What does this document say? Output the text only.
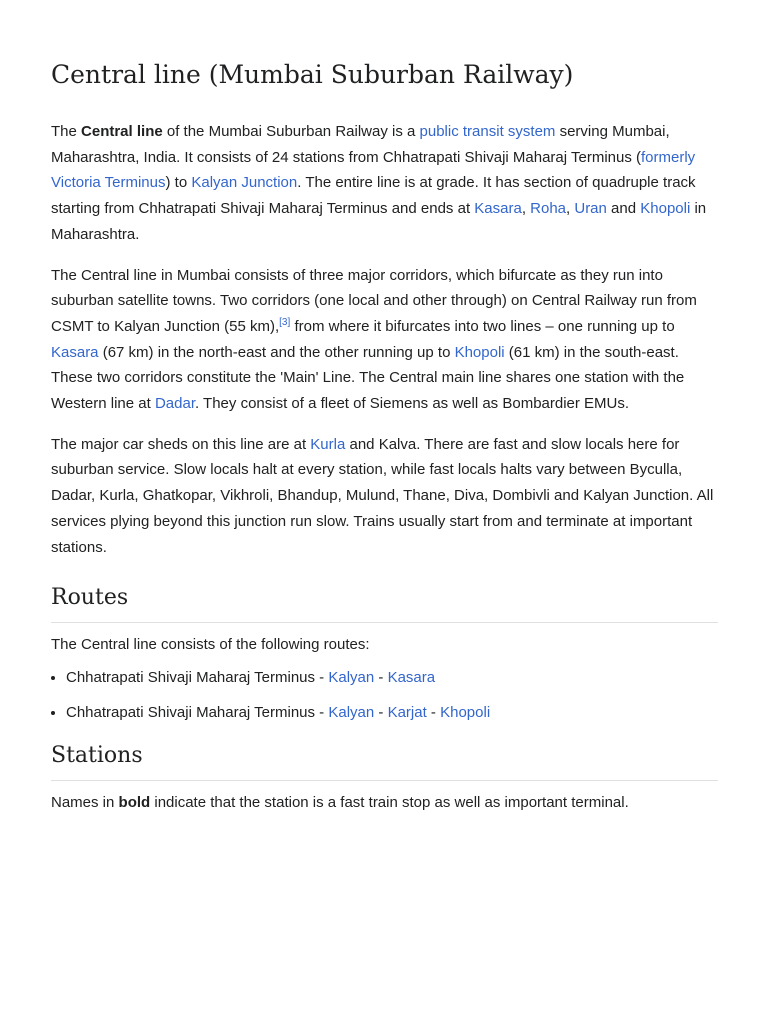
Central line (Mumbai Suburban Railway)

The Central line of the Mumbai Suburban Railway is a public transit system serving Mumbai, Maharashtra, India. It consists of 24 stations from Chhatrapati Shivaji Maharaj Terminus (formerly Victoria Terminus) to Kalyan Junction. The entire line is at grade. It has section of quadruple track starting from Chhatrapati Shivaji Maharaj Terminus and ends at Kasara, Roha, Uran and Khopoli in Maharashtra.

The Central line in Mumbai consists of three major corridors, which bifurcate as they run into suburban satellite towns. Two corridors (one local and other through) on Central Railway run from CSMT to Kalyan Junction (55 km),[3] from where it bifurcates into two lines – one running up to Kasara (67 km) in the north-east and the other running up to Khopoli (61 km) in the south-east. These two corridors constitute the 'Main' Line. The Central main line shares one station with the Western line at Dadar. They consist of a fleet of Siemens as well as Bombardier EMUs.

The major car sheds on this line are at Kurla and Kalva. There are fast and slow locals here for suburban service. Slow locals halt at every station, while fast locals halts vary between Byculla, Dadar, Kurla, Ghatkopar, Vikhroli, Bhandup, Mulund, Thane, Diva, Dombivli and Kalyan Junction. All services plying beyond this junction run slow. Trains usually start from and terminate at important stations.

Routes

The Central line consists of the following routes:

• Chhatrapati Shivaji Maharaj Terminus - Kalyan - Kasara
• Chhatrapati Shivaji Maharaj Terminus - Kalyan - Karjat - Khopoli
Stations

Names in bold indicate that the station is a fast train stop as well as important terminal.
